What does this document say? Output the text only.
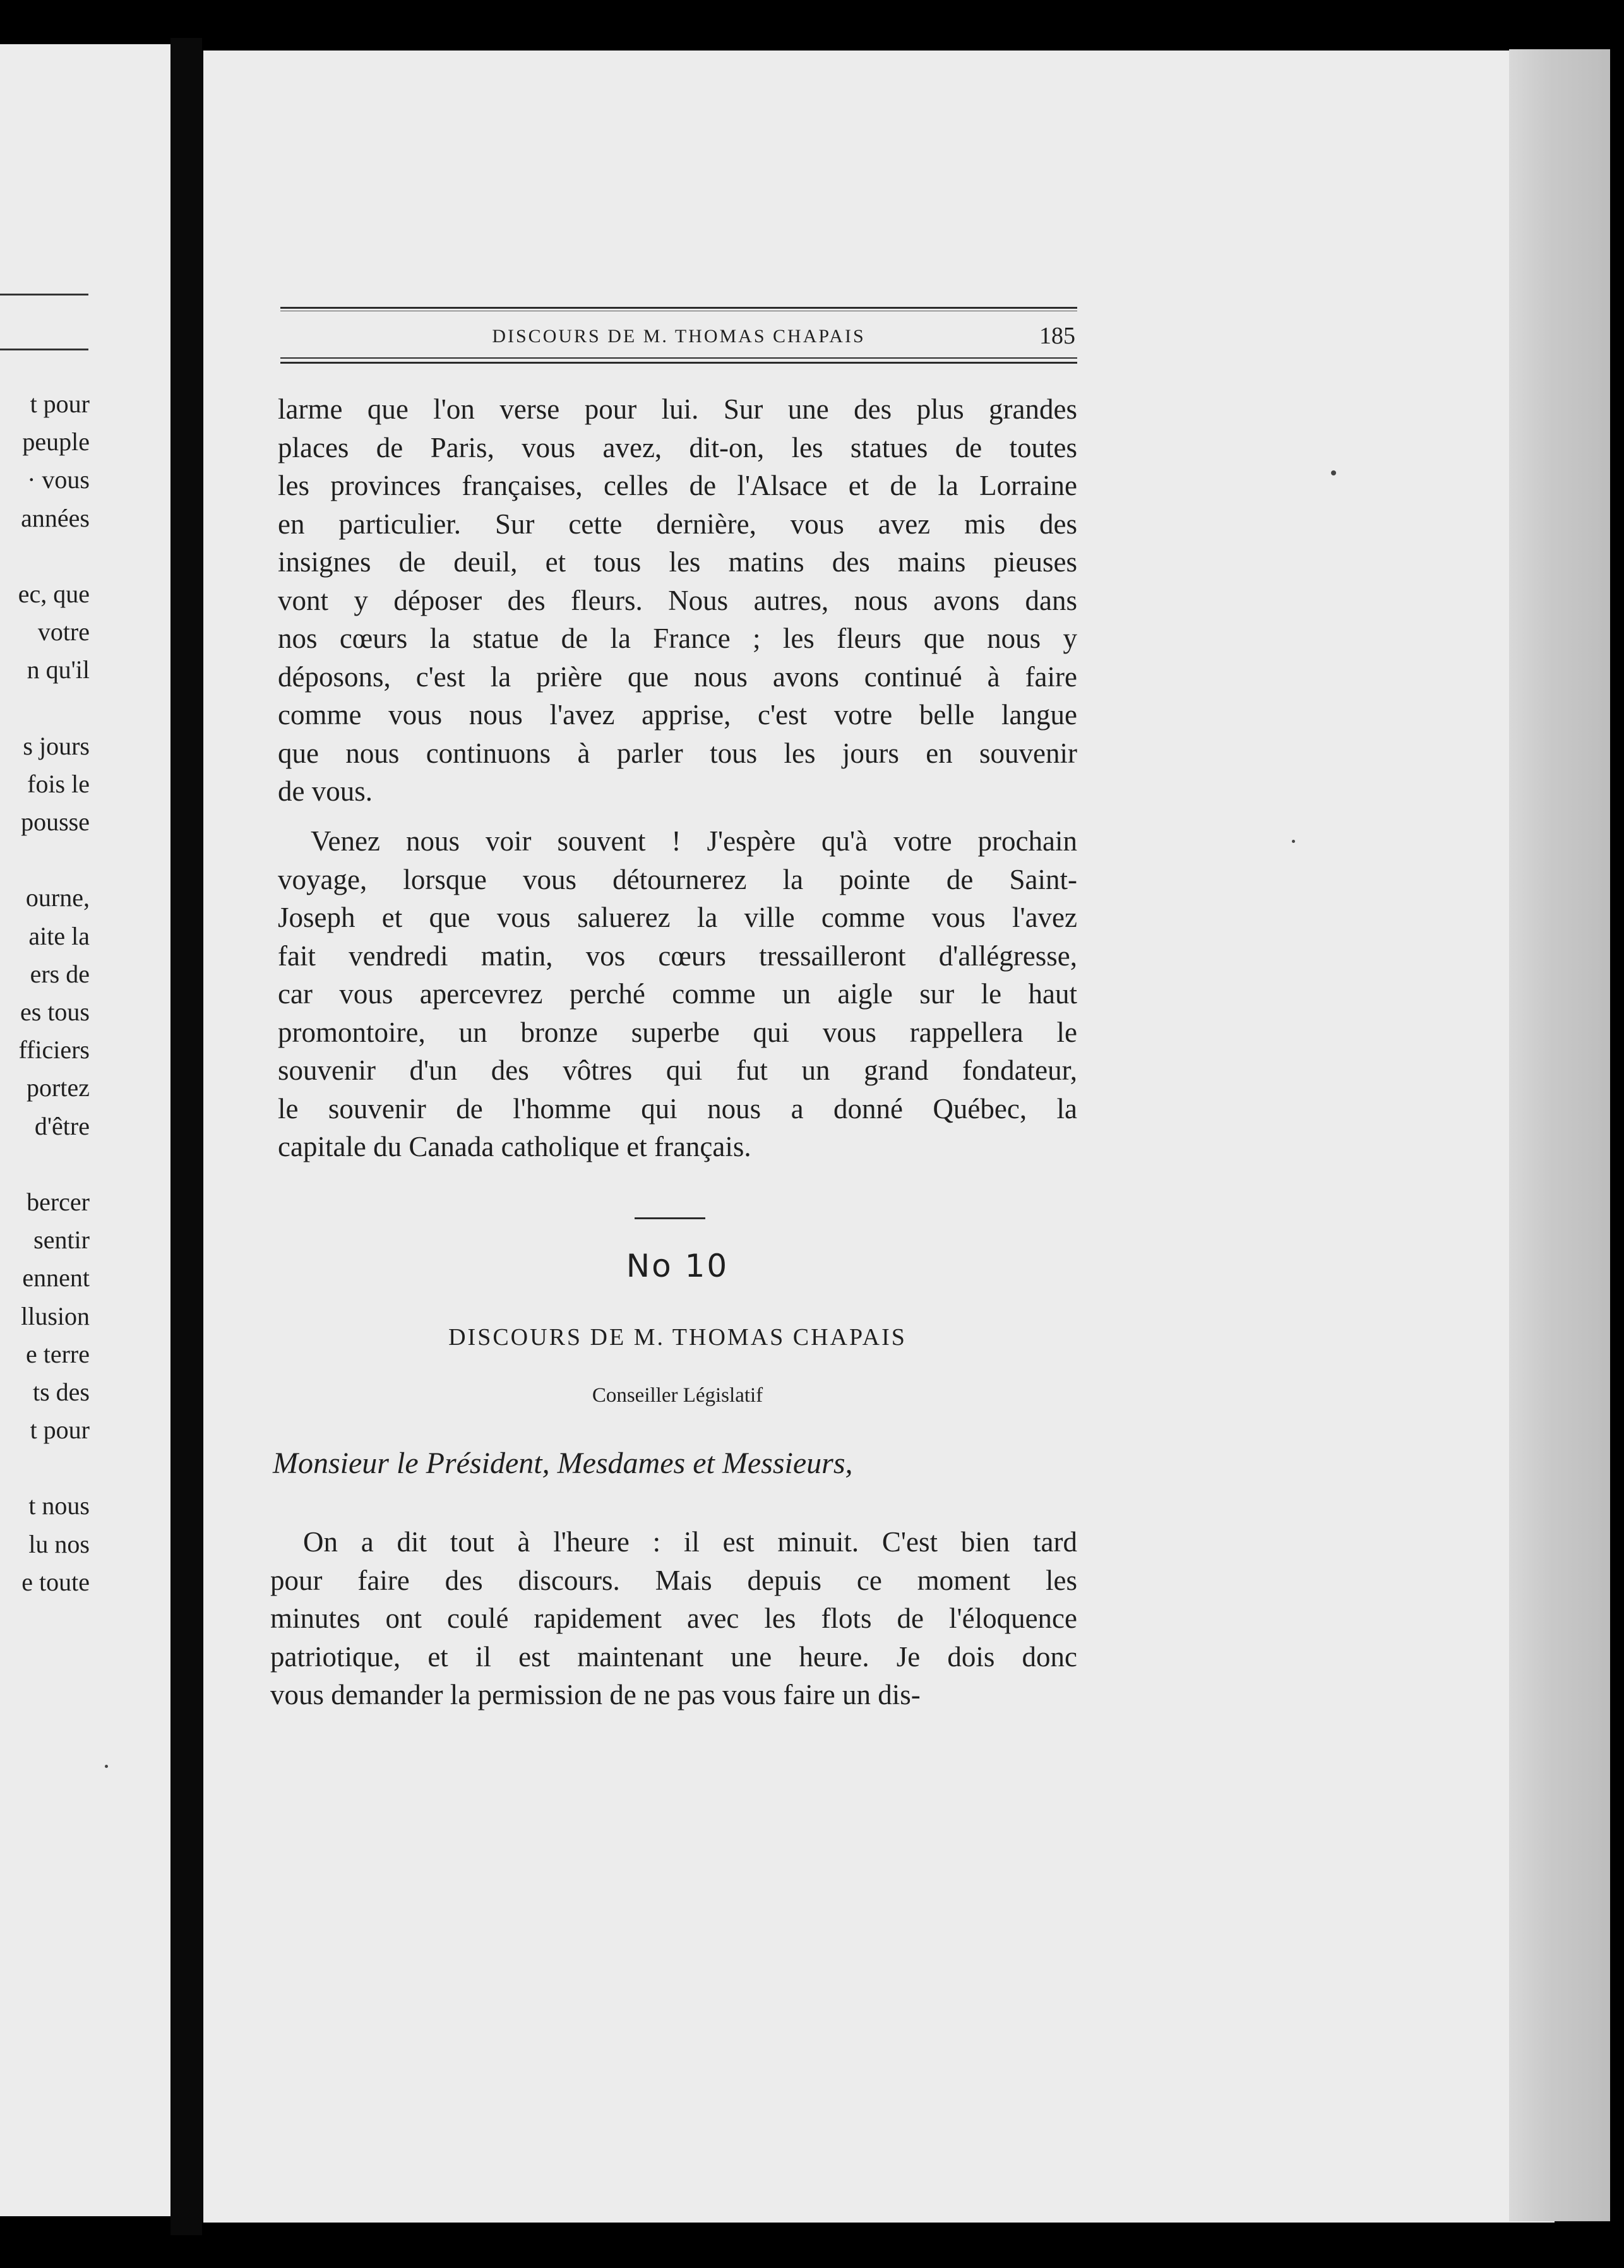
t pour
peuple
· vous
années
ec, que
votre
n qu'il
s jours
fois le
pousse
ourne,
aite la
ers de
es tous
fficiers
portez
d'être
bercer
sentir
ennent
llusion
e terre
ts des
t pour
t nous
lu nos
e toute
DISCOURS DE M. THOMAS CHAPAIS	185
larme que l'on verse pour lui. Sur une des plus grandes
places de Paris, vous avez, dit-on, les statues de toutes
les provinces françaises, celles de l'Alsace et de la Lorraine
en particulier. Sur cette dernière, vous avez mis des
insignes de deuil, et tous les matins des mains pieuses
vont y déposer des fleurs. Nous autres, nous avons dans
nos cœurs la statue de la France ; les fleurs que nous y
déposons, c'est la prière que nous avons continué à faire
comme vous nous l'avez apprise, c'est votre belle langue
que nous continuons à parler tous les jours en souvenir
de vous.
Venez nous voir souvent ! J'espère qu'à votre prochain
voyage, lorsque vous détournerez la pointe de Saint-
Joseph et que vous saluerez la ville comme vous l'avez
fait vendredi matin, vos cœurs tressailleront d'allégresse,
car vous apercevrez perché comme un aigle sur le haut
promontoire, un bronze superbe qui vous rappellera le
souvenir d'un des vôtres qui fut un grand fondateur,
le souvenir de l'homme qui nous a donné Québec, la
capitale du Canada catholique et français.
No 10
DISCOURS DE M. THOMAS CHAPAIS
Conseiller Législatif
Monsieur le Président, Mesdames et Messieurs,
On a dit tout à l'heure : il est minuit. C'est bien tard
pour faire des discours. Mais depuis ce moment les
minutes ont coulé rapidement avec les flots de l'éloquence
patriotique, et il est maintenant une heure. Je dois donc
vous demander la permission de ne pas vous faire un dis-
